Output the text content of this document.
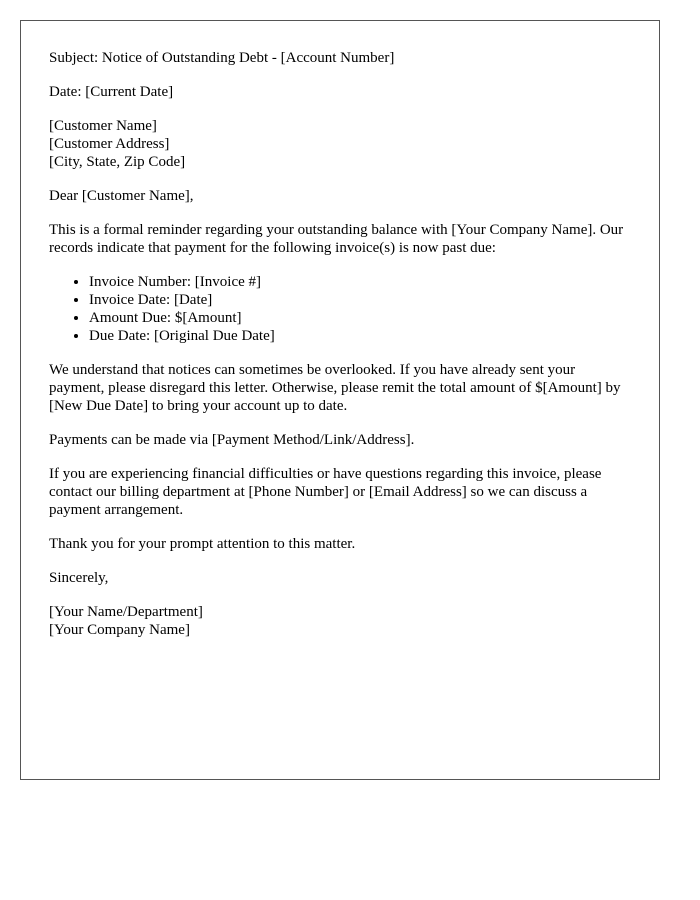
Subject: Notice of Outstanding Debt - [Account Number]

Date: [Current Date]

[Customer Name]
[Customer Address]
[City, State, Zip Code]

Dear [Customer Name],

This is a formal reminder regarding your outstanding balance with [Your Company Name]. Our records indicate that payment for the following invoice(s) is now past due:

• Invoice Number: [Invoice #]
• Invoice Date: [Date]
• Amount Due: $[Amount]
• Due Date: [Original Due Date]

We understand that notices can sometimes be overlooked. If you have already sent your payment, please disregard this letter. Otherwise, please remit the total amount of $[Amount] by [New Due Date] to bring your account up to date.

Payments can be made via [Payment Method/Link/Address].

If you are experiencing financial difficulties or have questions regarding this invoice, please contact our billing department at [Phone Number] or [Email Address] so we can discuss a payment arrangement.

Thank you for your prompt attention to this matter.

Sincerely,

[Your Name/Department]
[Your Company Name]
